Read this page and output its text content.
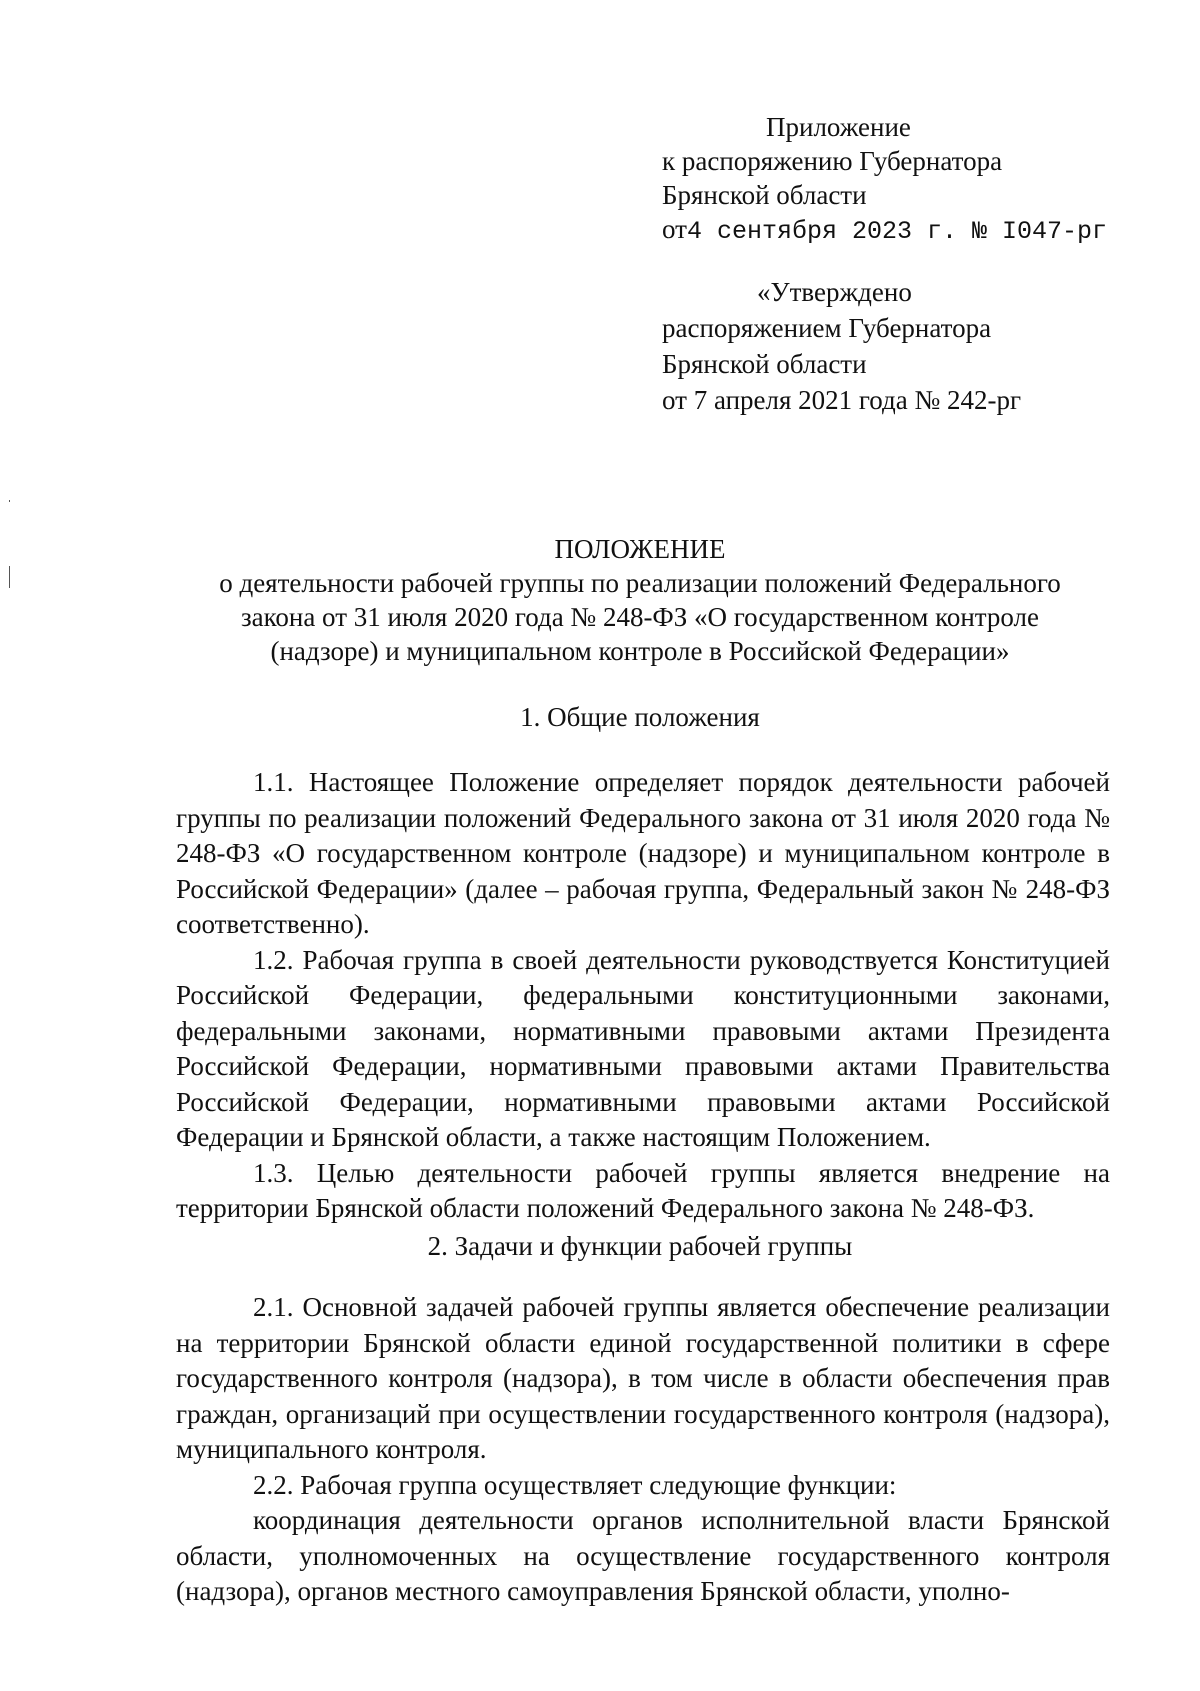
Приложение
к распоряжению Губернатора
Брянской области
от4 сентября 2023 г. № I047-рг
«Утверждено
распоряжением Губернатора
Брянской области
от 7 апреля 2021 года № 242-рг
ПОЛОЖЕНИЕ
о деятельности рабочей группы по реализации положений Федерального
закона от 31 июля 2020 года № 248-ФЗ «О государственном контроле
(надзоре) и муниципальном контроле в Российской Федерации»
1. Общие положения

1.1. Настоящее Положение определяет порядок деятельности рабочей группы по реализации положений Федерального закона от 31 июля 2020 года № 248-ФЗ «О государственном контроле (надзоре) и муниципальном контроле в Российской Федерации» (далее – рабочая группа, Федеральный закон № 248-ФЗ соответственно).

1.2. Рабочая группа в своей деятельности руководствуется Конституцией Российской Федерации, федеральными конституционными законами, федеральными законами, нормативными правовыми актами Президента Российской Федерации, нормативными правовыми актами Правительства Российской Федерации, нормативными правовыми актами Российской Федерации и Брянской области, а также настоящим Положением.

1.3. Целью деятельности рабочей группы является внедрение на территории Брянской области положений Федерального закона № 248-ФЗ.

2. Задачи и функции рабочей группы

2.1. Основной задачей рабочей группы является обеспечение реализации на территории Брянской области единой государственной политики в сфере государственного контроля (надзора), в том числе в области обеспечения прав граждан, организаций при осуществлении государственного контроля (надзора), муниципального контроля.

2.2. Рабочая группа осуществляет следующие функции:

координация деятельности органов исполнительной власти Брянской области, уполномоченных на осуществление государственного контроля (надзора), органов местного самоуправления Брянской области, уполно-
